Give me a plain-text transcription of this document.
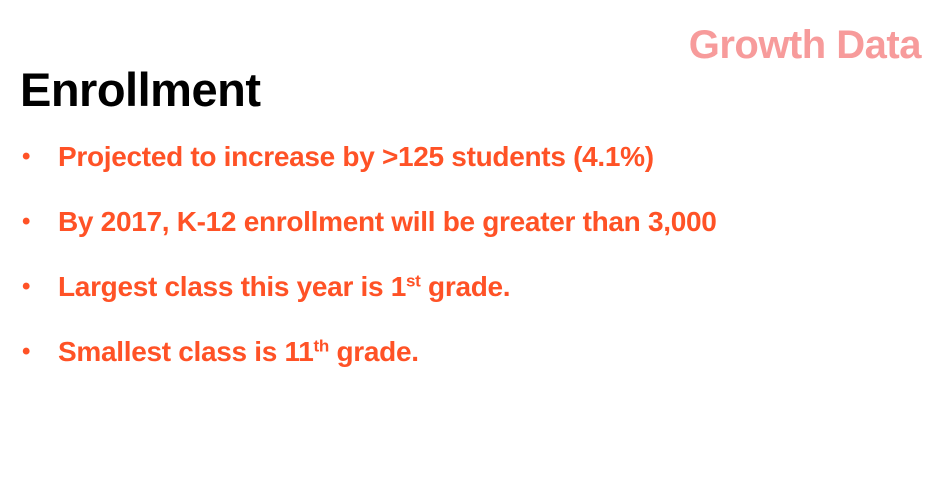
Growth Data
Enrollment
• Projected to increase by >125 students (4.1%)
• By 2017, K-12 enrollment will be greater than 3,000
• Largest class this year is 1st grade.
• Smallest class is 11th grade.
